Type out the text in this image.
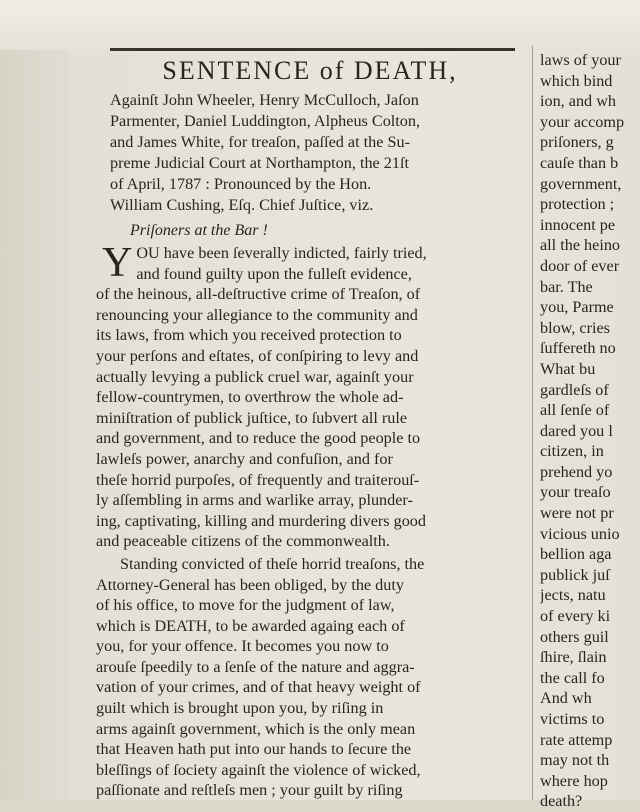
SENTENCE of DEATH,
Againſt John Wheeler, Henry McCulloch, Jaſon
Parmenter, Daniel Luddington, Alpheus Colton,
and James White, for treaſon, paſſed at the Su-
preme Judicial Court at Northampton, the 21ſt
of April, 1787 : Pronounced by the Hon.
William Cushing, Eſq. Chief Juſtice, viz.
Priſoners at the Bar !
Y OU have been ſeverally indicted, fairly tried,
and found guilty upon the fulleſt evidence,
of the heinous, all-deſtructive crime of Treaſon, of
renouncing your allegiance to the community and
its laws, from which you received protection to
your perſons and eſtates, of conſpiring to levy and
actually levying a publick cruel war, againſt your
fellow-countrymen, to overthrow the whole ad-
miniſtration of publick juſtice, to ſubvert all rule
and government, and to reduce the good people to
lawleſs power, anarchy and confuſion, and for
theſe horrid purpoſes, of frequently and traiterouſ-
ly aſſembling in arms and warlike array, plunder-
ing, captivating, killing and murdering divers good
and peaceable citizens of the commonwealth.
Standing convicted of theſe horrid treaſons, the
Attorney-General has been obliged, by the duty
of his office, to move for the judgment of law,
which is DEATH, to be awarded againg each of
you, for your offence. It becomes you now to
arouſe ſpeedily to a ſenſe of the nature and aggra-
vation of your crimes, and of that heavy weight of
guilt which is brought upon you, by riſing in
arms againſt government, which is the only mean
that Heaven hath put into our hands to ſecure the
bleſſings of ſociety againſt the violence of wicked,
paſſionate and reſtleſs men ; your guilt by riſing
laws of your
which bind
ion, and wh
your accomp
priſoners, g
cauſe than b
government,
protection ;
innocent pe
all the heino
door of ever
bar. The
you, Parme
blow, cries
ſuffereth no
What bu
gardleſs of
all ſenſe of
dared you l
citizen, in
prehend yo
your treaſo
were not pr
vicious unio
bellion aga
publick juſ
jects, natu
of every ki
others guil
ſhire, ſlain
the call fo
And wh
victims to
rate attemp
may not th
where hop
death?
